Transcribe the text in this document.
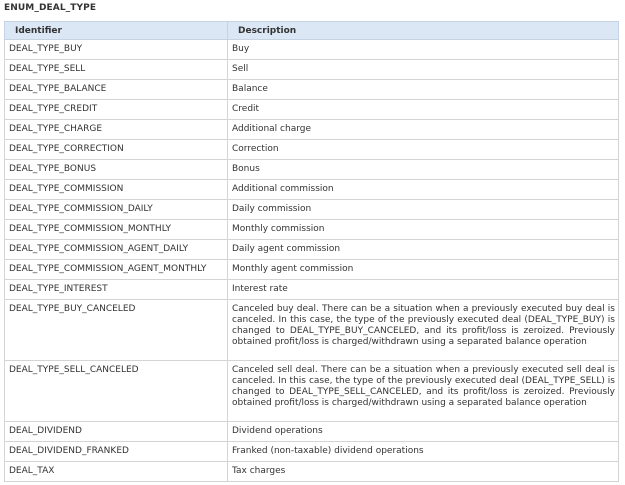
ENUM_DEAL_TYPE
Identifier	Description
DEAL_TYPE_BUY	Buy
DEAL_TYPE_SELL	Sell
DEAL_TYPE_BALANCE	Balance
DEAL_TYPE_CREDIT	Credit
DEAL_TYPE_CHARGE	Additional charge
DEAL_TYPE_CORRECTION	Correction
DEAL_TYPE_BONUS	Bonus
DEAL_TYPE_COMMISSION	Additional commission
DEAL_TYPE_COMMISSION_DAILY	Daily commission
DEAL_TYPE_COMMISSION_MONTHLY	Monthly commission
DEAL_TYPE_COMMISSION_AGENT_DAILY	Daily agent commission
DEAL_TYPE_COMMISSION_AGENT_MONTHLY	Monthly agent commission
DEAL_TYPE_INTEREST	Interest rate
DEAL_TYPE_BUY_CANCELED	Canceled buy deal. There can be a situation when a previously executed buy deal is canceled. In this case, the type of the previously executed deal (DEAL_TYPE_BUY) is changed to DEAL_TYPE_BUY_CANCELED, and its profit/loss is zeroized. Previously obtained profit/loss is charged/withdrawn using a separated balance operation
DEAL_TYPE_SELL_CANCELED	Canceled sell deal. There can be a situation when a previously executed sell deal is canceled. In this case, the type of the previously executed deal (DEAL_TYPE_SELL) is changed to DEAL_TYPE_SELL_CANCELED, and its profit/loss is zeroized. Previously obtained profit/loss is charged/withdrawn using a separated balance operation
DEAL_DIVIDEND	Dividend operations
DEAL_DIVIDEND_FRANKED	Franked (non-taxable) dividend operations
DEAL_TAX	Tax charges
